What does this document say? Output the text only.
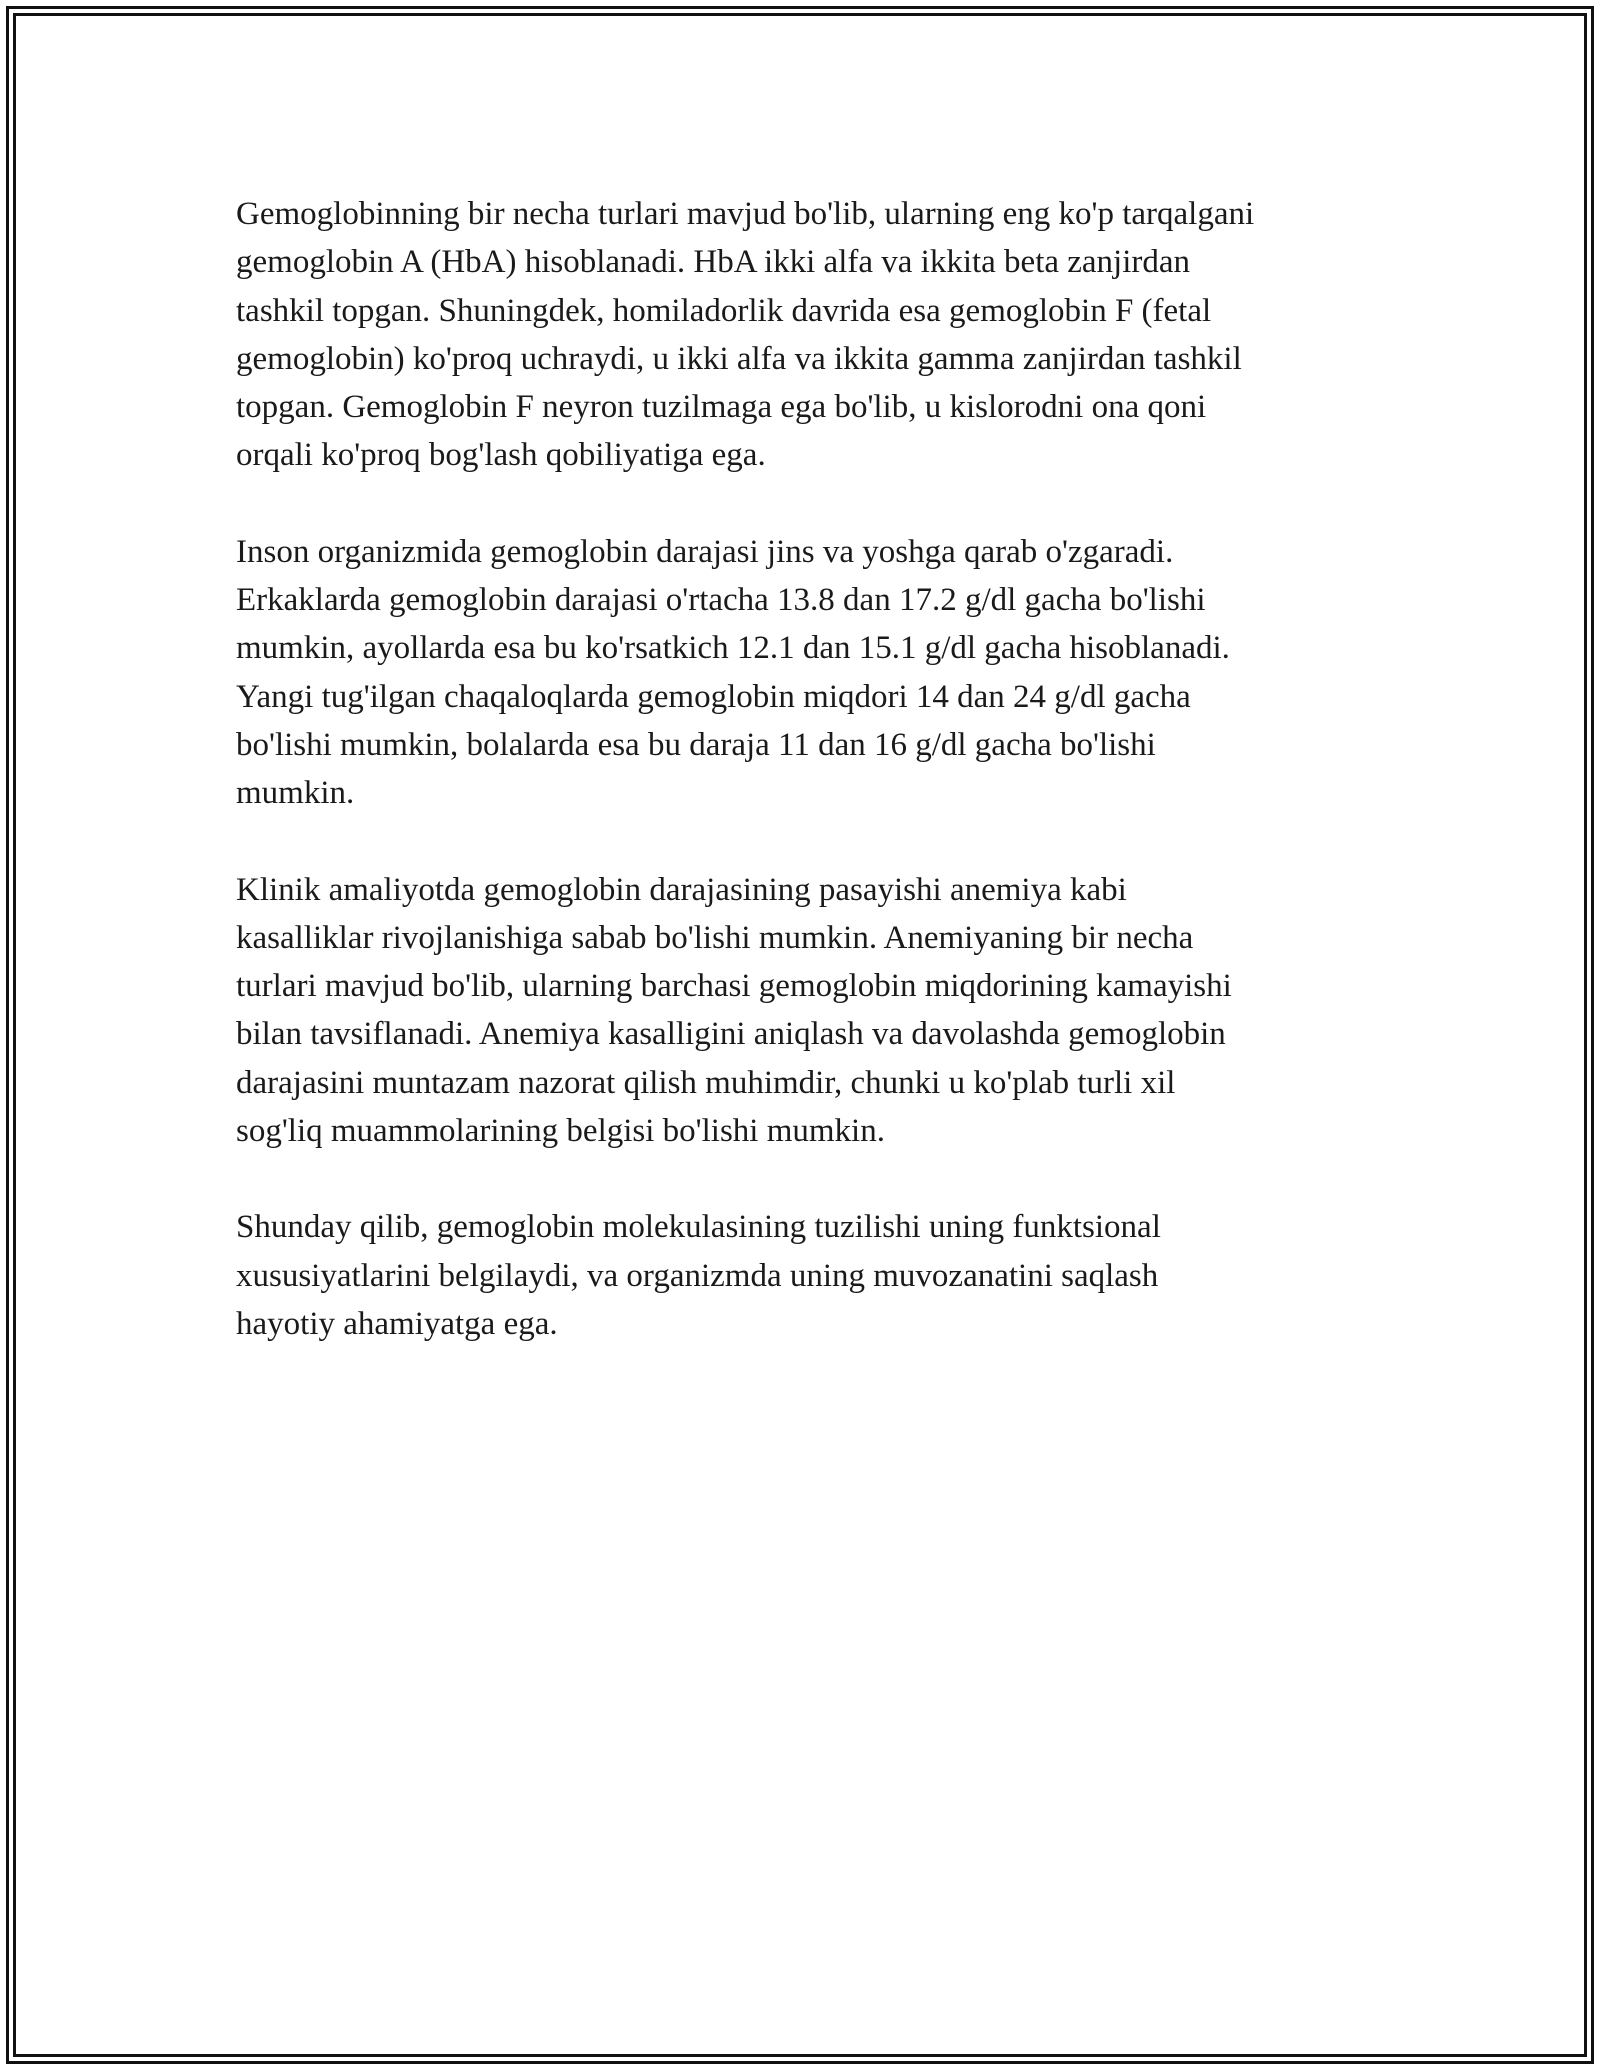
Gemoglobinning bir necha turlari mavjud bo'lib, ularning eng ko'p tarqalgani
gemoglobin A (HbA) hisoblanadi. HbA ikki alfa va ikkita beta zanjirdan
tashkil topgan. Shuningdek, homiladorlik davrida esa gemoglobin F (fetal
gemoglobin) ko'proq uchraydi, u ikki alfa va ikkita gamma zanjirdan tashkil
topgan. Gemoglobin F neyron tuzilmaga ega bo'lib, u kislorodni ona qoni
orqali ko'proq bog'lash qobiliyatiga ega.

Inson organizmida gemoglobin darajasi jins va yoshga qarab o'zgaradi.
Erkaklarda gemoglobin darajasi o'rtacha 13.8 dan 17.2 g/dl gacha bo'lishi
mumkin, ayollarda esa bu ko'rsatkich 12.1 dan 15.1 g/dl gacha hisoblanadi.
Yangi tug'ilgan chaqaloqlarda gemoglobin miqdori 14 dan 24 g/dl gacha
bo'lishi mumkin, bolalarda esa bu daraja 11 dan 16 g/dl gacha bo'lishi
mumkin.

Klinik amaliyotda gemoglobin darajasining pasayishi anemiya kabi
kasalliklar rivojlanishiga sabab bo'lishi mumkin. Anemiyaning bir necha
turlari mavjud bo'lib, ularning barchasi gemoglobin miqdorining kamayishi
bilan tavsiflanadi. Anemiya kasalligini aniqlash va davolashda gemoglobin
darajasini muntazam nazorat qilish muhimdir, chunki u ko'plab turli xil
sog'liq muammolarining belgisi bo'lishi mumkin.

Shunday qilib, gemoglobin molekulasining tuzilishi uning funktsional
xususiyatlarini belgilaydi, va organizmda uning muvozanatini saqlash
hayotiy ahamiyatga ega.
